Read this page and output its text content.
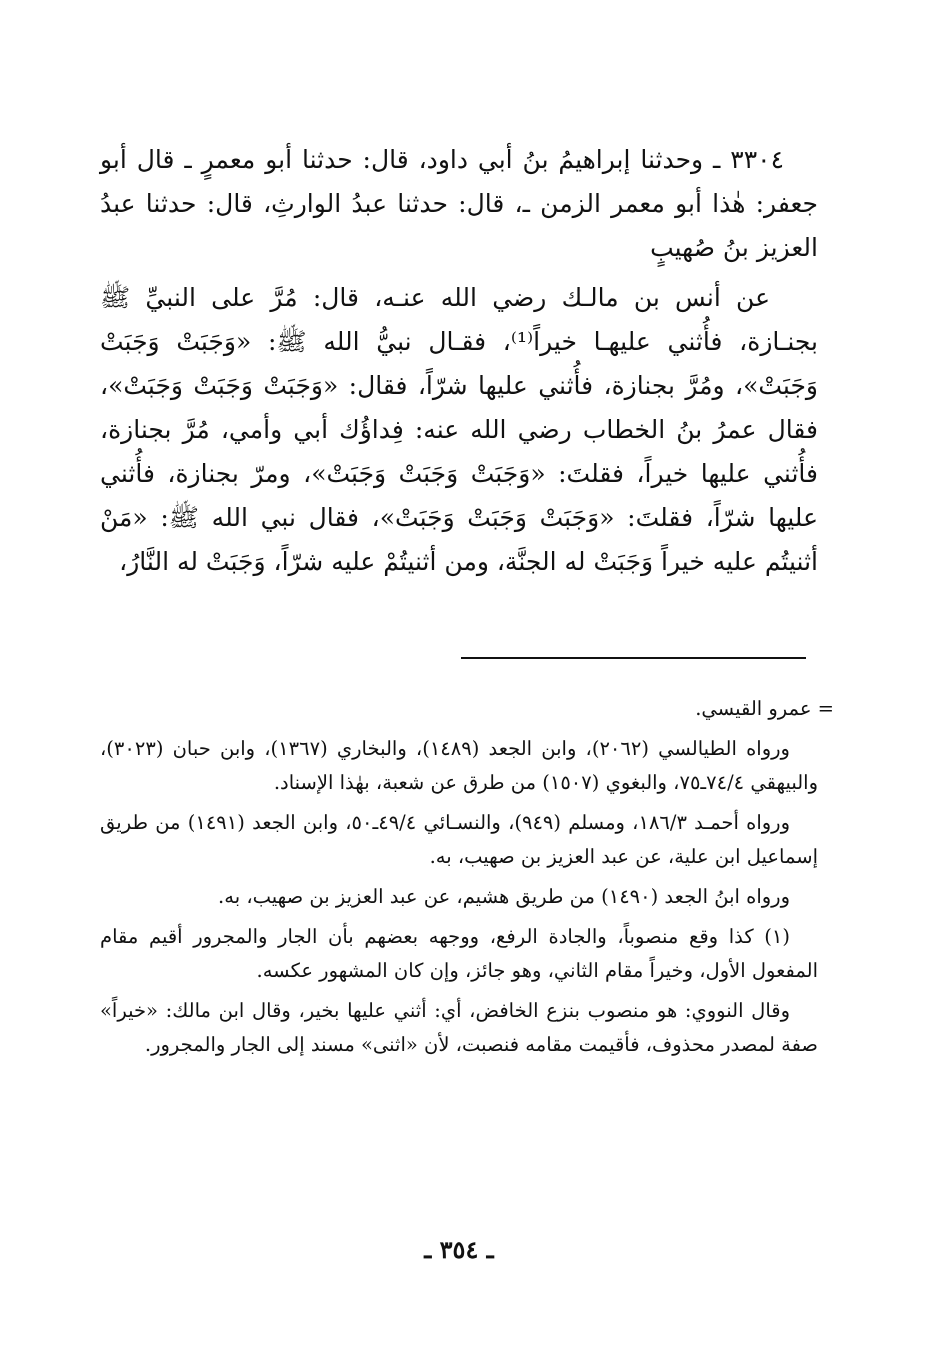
٣٣٠٤ ـ وحدثنا إبراهيمُ بنُ أبي داود، قال: حدثنا أبو معمرٍ ـ قال أبو جعفر: هٰذا أبو معمر الزمن ـ، قال: حدثنا عبدُ الوارثِ، قال: حدثنا عبدُ العزيز بنُ صُهيبٍ

عن أنس بن مالـك رضي الله عنـه، قال: مُرَّ على النبيِّ ﷺ بجنـازة، فأُثني عليهـا خيراً⁽¹⁾، فقـال نبيُّ الله ﷺ: «وَجَبَتْ وَجَبَتْ وَجَبَتْ»، ومُرَّ بجنازة، فأُثني عليها شرّاً، فقال: «وَجَبَتْ وَجَبَتْ وَجَبَتْ»، فقال عمرُ بنُ الخطاب رضي الله عنه: فِداؤُك أبي وأمي، مُرَّ بجنازة، فأُثني عليها خيراً، فقلتَ: «وَجَبَتْ وَجَبَتْ وَجَبَتْ»، ومرّ بجنازة، فأُثني عليها شرّاً، فقلتَ: «وَجَبَتْ وَجَبَتْ وَجَبَتْ»، فقال نبي الله ﷺ: «مَنْ أثنيتُم عليه خيراً وَجَبَتْ له الجنَّة، ومن أثنيتُمْ عليه شرّاً، وَجَبَتْ له النَّارُ،

= عمرو القيسي.

ورواه الطيالسي (٢٠٦٢)، وابن الجعد (١٤٨٩)، والبخاري (١٣٦٧)، وابن حبان (٣٠٢٣)، والبيهقي ٧٤/٤ـ٧٥، والبغوي (١٥٠٧) من طرق عن شعبة، بهٰذا الإسناد.

ورواه أحمـد ١٨٦/٣، ومسلم (٩٤٩)، والنسـائي ٤٩/٤ـ٥٠، وابن الجعد (١٤٩١) من طريق إسماعيل ابن علية، عن عبد العزيز بن صهيب، به.

ورواه ابنُ الجعد (١٤٩٠) من طريق هشيم، عن عبد العزيز بن صهيب، به.

(١) كذا وقع منصوباً، والجادة الرفع، ووجهه بعضهم بأن الجار والمجرور أقيم مقام المفعول الأول، وخيراً مقام الثاني، وهو جائز، وإن كان المشهور عكسه.

وقال النووي: هو منصوب بنزع الخافض، أي: أثني عليها بخير، وقال ابن مالك: «خيراً» صفة لمصدر محذوف، فأقيمت مقامه فنصبت، لأن «اثنى» مسند إلى الجار والمجرور.

ـ ٣٥٤ ـ
